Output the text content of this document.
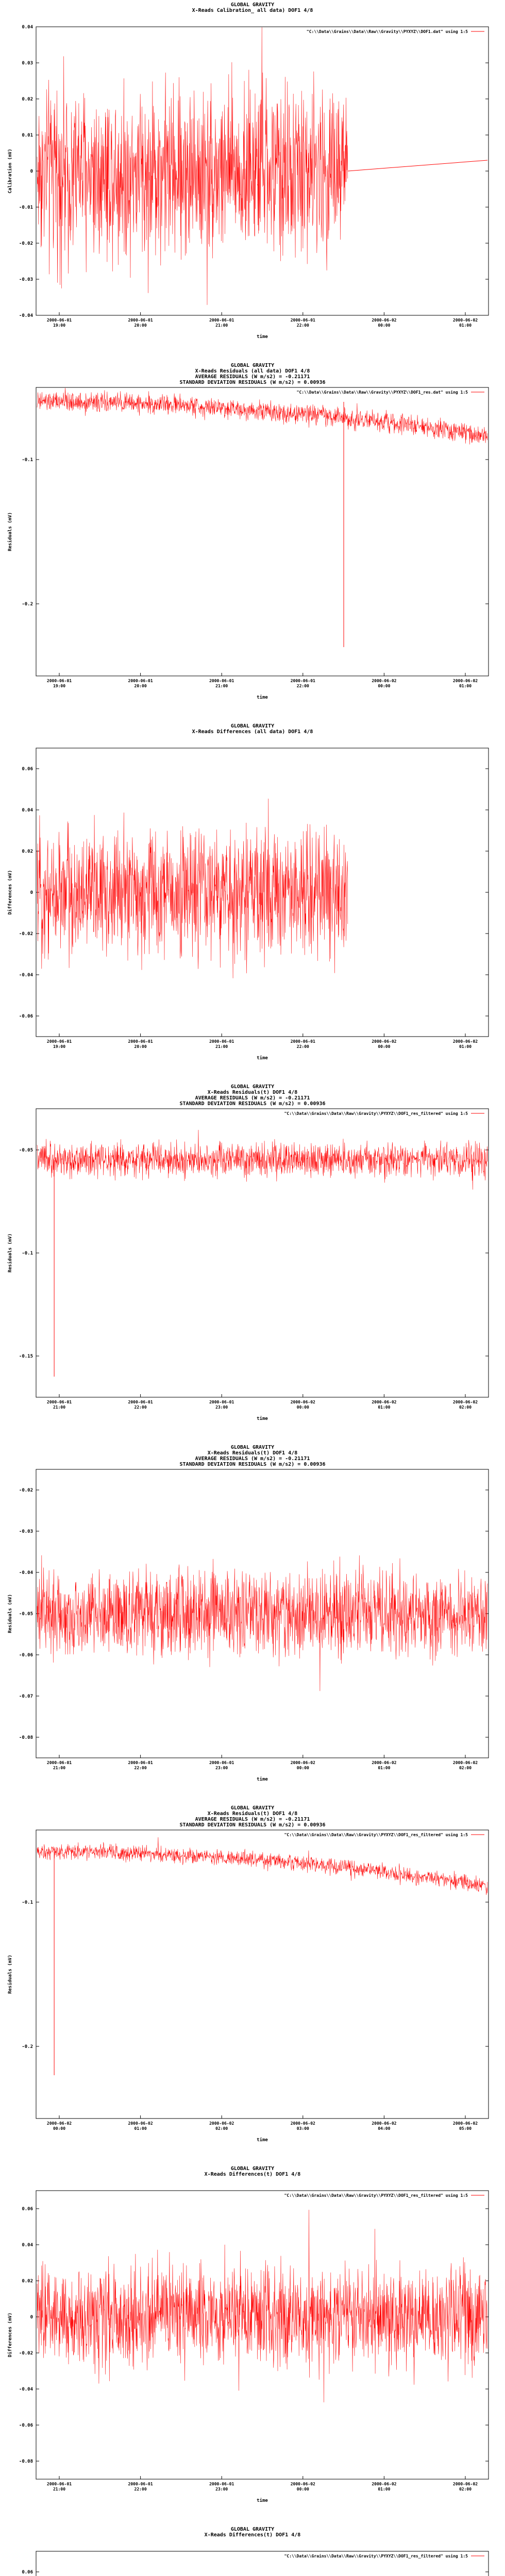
GLOBAL GRAVITY
X-Reads Calibration_ all data) DOF1 4/8
0.04
0.03
0.02
0.01
0
-0.01
-0.02
-0.03
-0.04
2000-06-01
19:00
2000-06-01
20:00
2000-06-01
21:00
2000-06-01
22:00
2000-06-02
00:00
2000-06-02
01:00
Calibration (mV)
time
"C:\\Data\\Grains\\Data\\Raw\\Gravity\\PYXYZ\\DOF1.dat" using 1:5
GLOBAL GRAVITY
X-Reads Residuals (all data) DOF1 4/8
AVERAGE RESIDUALS (W m/s2) = -0.21171
STANDARD DEVIATION RESIDUALS (W m/s2) = 0.00936
-0.1
-0.2
2000-06-01
19:00
2000-06-01
20:00
2000-06-01
21:00
2000-06-01
22:00
2000-06-02
00:00
2000-06-02
01:00
Residuals (mV)
time
"C:\\Data\\Grains\\Data\\Raw\\Gravity\\PYXYZ\\DOF1_res.dat" using 1:5
GLOBAL GRAVITY
X-Reads Differences (all data) DOF1 4/8
0.06
0.04
0.02
0
-0.02
-0.04
-0.06
2000-06-01
19:00
2000-06-01
20:00
2000-06-01
21:00
2000-06-01
22:00
2000-06-02
00:00
2000-06-02
01:00
Differences (mV)
time
GLOBAL GRAVITY
X-Reads Residuals(t) DOF1 4/8
AVERAGE RESIDUALS (W m/s2) = -0.21171
STANDARD DEVIATION RESIDUALS (W m/s2) = 0.00936
-0.05
-0.1
-0.15
2000-06-01
21:00
2000-06-01
22:00
2000-06-01
23:00
2000-06-02
00:00
2000-06-02
01:00
2000-06-02
02:00
Residuals (mV)
time
"C:\\Data\\Grains\\Data\\Raw\\Gravity\\PYXYZ\\DOF1_res_filtered" using 1:5
GLOBAL GRAVITY
X-Reads Residuals(t) DOF1 4/8
AVERAGE RESIDUALS (W m/s2) = -0.21171
STANDARD DEVIATION RESIDUALS (W m/s2) = 0.00936
-0.02
-0.03
-0.04
-0.05
-0.06
-0.07
-0.08
2000-06-01
21:00
2000-06-01
22:00
2000-06-01
23:00
2000-06-02
00:00
2000-06-02
01:00
2000-06-02
02:00
Residuals (mV)
time
GLOBAL GRAVITY
X-Reads Residuals(t) DOF1 4/8
AVERAGE RESIDUALS (W m/s2) = -0.21171
STANDARD DEVIATION RESIDUALS (W m/s2) = 0.00936
-0.1
-0.2
2000-06-02
00:00
2000-06-02
01:00
2000-06-02
02:00
2000-06-02
03:00
2000-06-02
04:00
2000-06-02
05:00
Residuals (mV)
time
"C:\\Data\\Grains\\Data\\Raw\\Gravity\\PYXYZ\\DOF1_res_filtered" using 1:5
GLOBAL GRAVITY
X-Reads Differences(t) DOF1 4/8
0.06
0.04
0.02
0
-0.02
-0.04
-0.06
-0.08
2000-06-01
21:00
2000-06-01
22:00
2000-06-01
23:00
2000-06-02
00:00
2000-06-02
01:00
2000-06-02
02:00
Differences (mV)
time
"C:\\Data\\Grains\\Data\\Raw\\Gravity\\PYXYZ\\DOF1_res_filtered" using 1:5
GLOBAL GRAVITY
X-Reads Differences(t) DOF1 4/8
0.06
"C:\\Data\\Grains\\Data\\Raw\\Gravity\\PYXYZ\\DOF1_res_filtered" using 1:5
